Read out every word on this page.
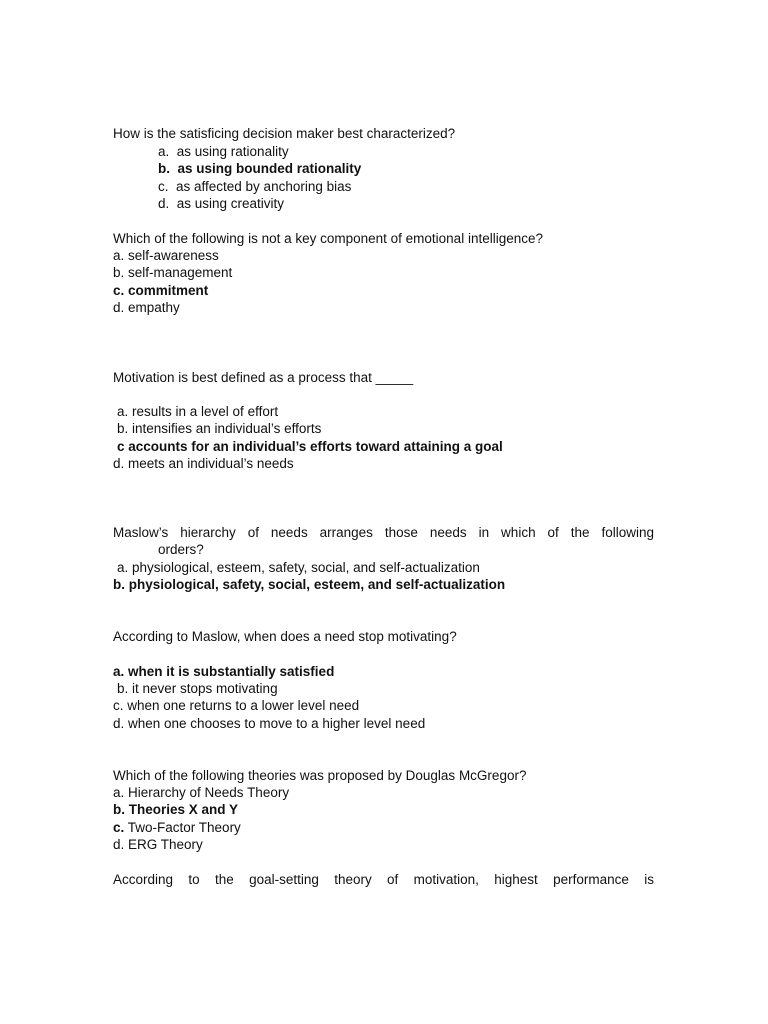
How is the satisficing decision maker best characterized?
a.  as using rationality
b.  as using bounded rationality
c.  as affected by anchoring bias
d.  as using creativity
Which of the following is not a key component of emotional intelligence?
a. self-awareness
b. self-management
c. commitment
d. empathy
Motivation is best defined as a process that _____
a. results in a level of effort
b. intensifies an individual’s efforts
c accounts for an individual’s efforts toward attaining a goal
d. meets an individual’s needs
Maslow’s hierarchy of needs arranges those needs in which of the following
orders?
a. physiological, esteem, safety, social, and self-actualization
b. physiological, safety, social, esteem, and self-actualization
According to Maslow, when does a need stop motivating?
a. when it is substantially satisfied
b. it never stops motivating
c. when one returns to a lower level need
d. when one chooses to move to a higher level need
Which of the following theories was proposed by Douglas McGregor?
a. Hierarchy of Needs Theory
b. Theories X and Y
c. Two-Factor Theory
d. ERG Theory
According to the goal-setting theory of motivation, highest performance is
